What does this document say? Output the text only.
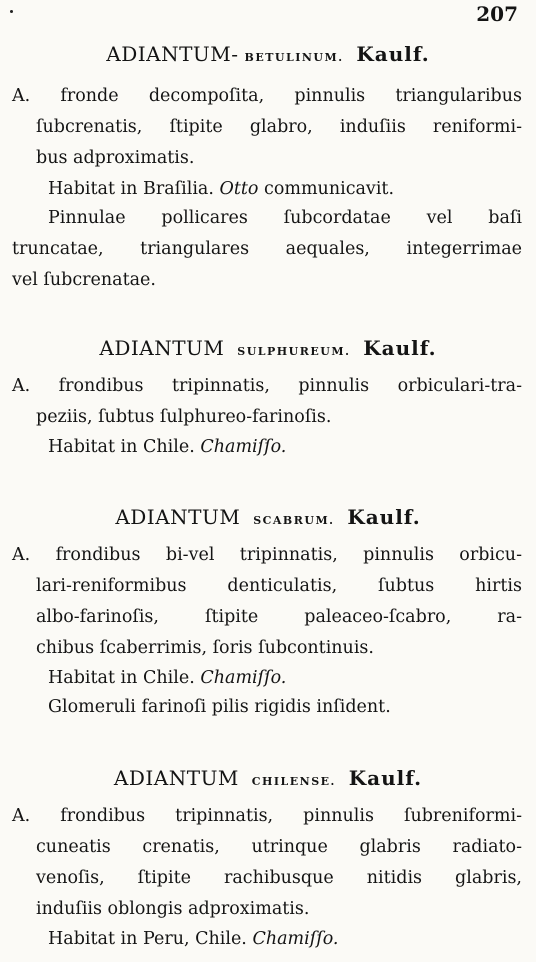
207
ADIANTUM- BETULINUM. Kaulf.
A. fronde decompoſita, pinnulis triangularibus
ſubcrenatis, ſtipite glabro, induſiis reniformi-
bus adproximatis.
Habitat in Braſilia. Otto communicavit.
Pinnulae pollicares ſubcordatae vel baſi
truncatae, triangulares aequales, integerrimae
vel ſubcrenatae.
ADIANTUM SULPHUREUM. Kaulf.
A. frondibus tripinnatis, pinnulis orbiculari-tra-
peziis, ſubtus ſulphureo-farinoſis.
Habitat in Chile. Chamiſſo.
ADIANTUM SCABRUM. Kaulf.
A. frondibus bi-vel tripinnatis, pinnulis orbicu-
lari-reniformibus denticulatis, ſubtus hirtis
albo-farinoſis, ſtipite paleaceo-ſcabro, ra-
chibus ſcaberrimis, ſoris ſubcontinuis.
Habitat in Chile. Chamiſſo.
Glomeruli farinoſi pilis rigidis inſident.
ADIANTUM CHILENSE. Kaulf.
A. frondibus tripinnatis, pinnulis ſubreniformi-
cuneatis crenatis, utrinque glabris radiato-
venoſis, ſtipite rachibusque nitidis glabris,
induſiis oblongis adproximatis.
Habitat in Peru, Chile. Chamiſſo.
